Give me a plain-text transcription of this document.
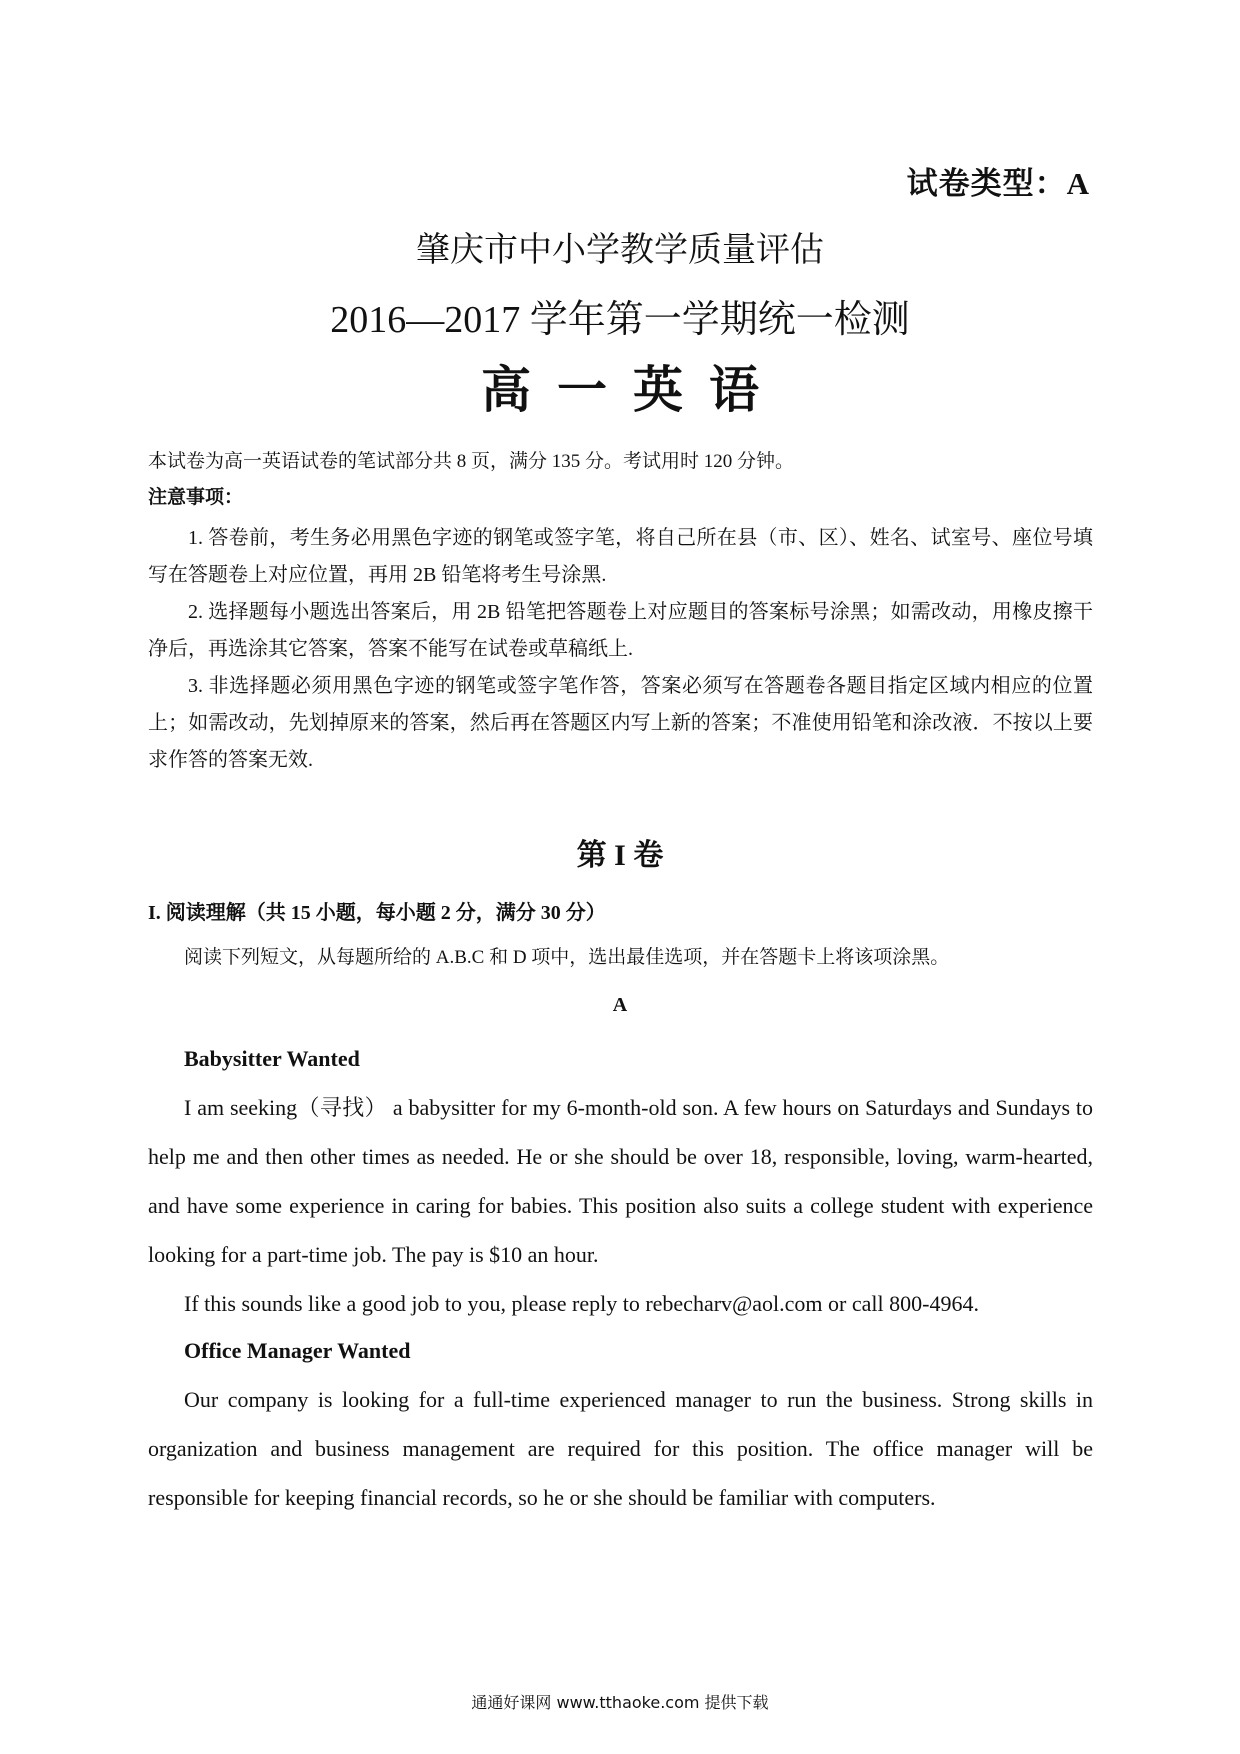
试卷类型：A
肇庆市中小学教学质量评估
2016—2017 学年第一学期统一检测
高一英语
本试卷为高一英语试卷的笔试部分共 8 页，满分 135 分。考试用时 120 分钟。
注意事项：

1. 答卷前，考生务必用黑色字迹的钢笔或签字笔，将自己所在县（市、区）、姓名、试室号、座位号填写在答题卷上对应位置，再用 2B 铅笔将考生号涂黑.

2. 选择题每小题选出答案后，用 2B 铅笔把答题卷上对应题目的答案标号涂黑；如需改动，用橡皮擦干净后，再选涂其它答案，答案不能写在试卷或草稿纸上.

3. 非选择题必须用黑色字迹的钢笔或签字笔作答，答案必须写在答题卷各题目指定区域内相应的位置上；如需改动，先划掉原来的答案，然后再在答题区内写上新的答案；不准使用铅笔和涂改液．不按以上要求作答的答案无效.

第 I 卷
I. 阅读理解（共 15 小题，每小题 2 分，满分 30 分）
阅读下列短文，从每题所给的 A.B.C 和 D 项中，选出最佳选项，并在答题卡上将该项涂黑。
A

Babysitter Wanted

I am seeking（寻找） a babysitter for my 6-month-old son. A few hours on Saturdays and Sundays to help me and then other times as needed. He or she should be over 18, responsible, loving, warm-hearted, and have some experience in caring for babies. This position also suits a college student with experience looking for a part-time job. The pay is $10 an hour.

If this sounds like a good job to you, please reply to rebecharv@aol.com or call 800-4964.

Office Manager Wanted

Our company is looking for a full-time experienced manager to run the business. Strong skills in organization and business management are required for this position. The office manager will be responsible for keeping financial records, so he or she should be familiar with computers.

通通好课网 www.tthaoke.com 提供下载
